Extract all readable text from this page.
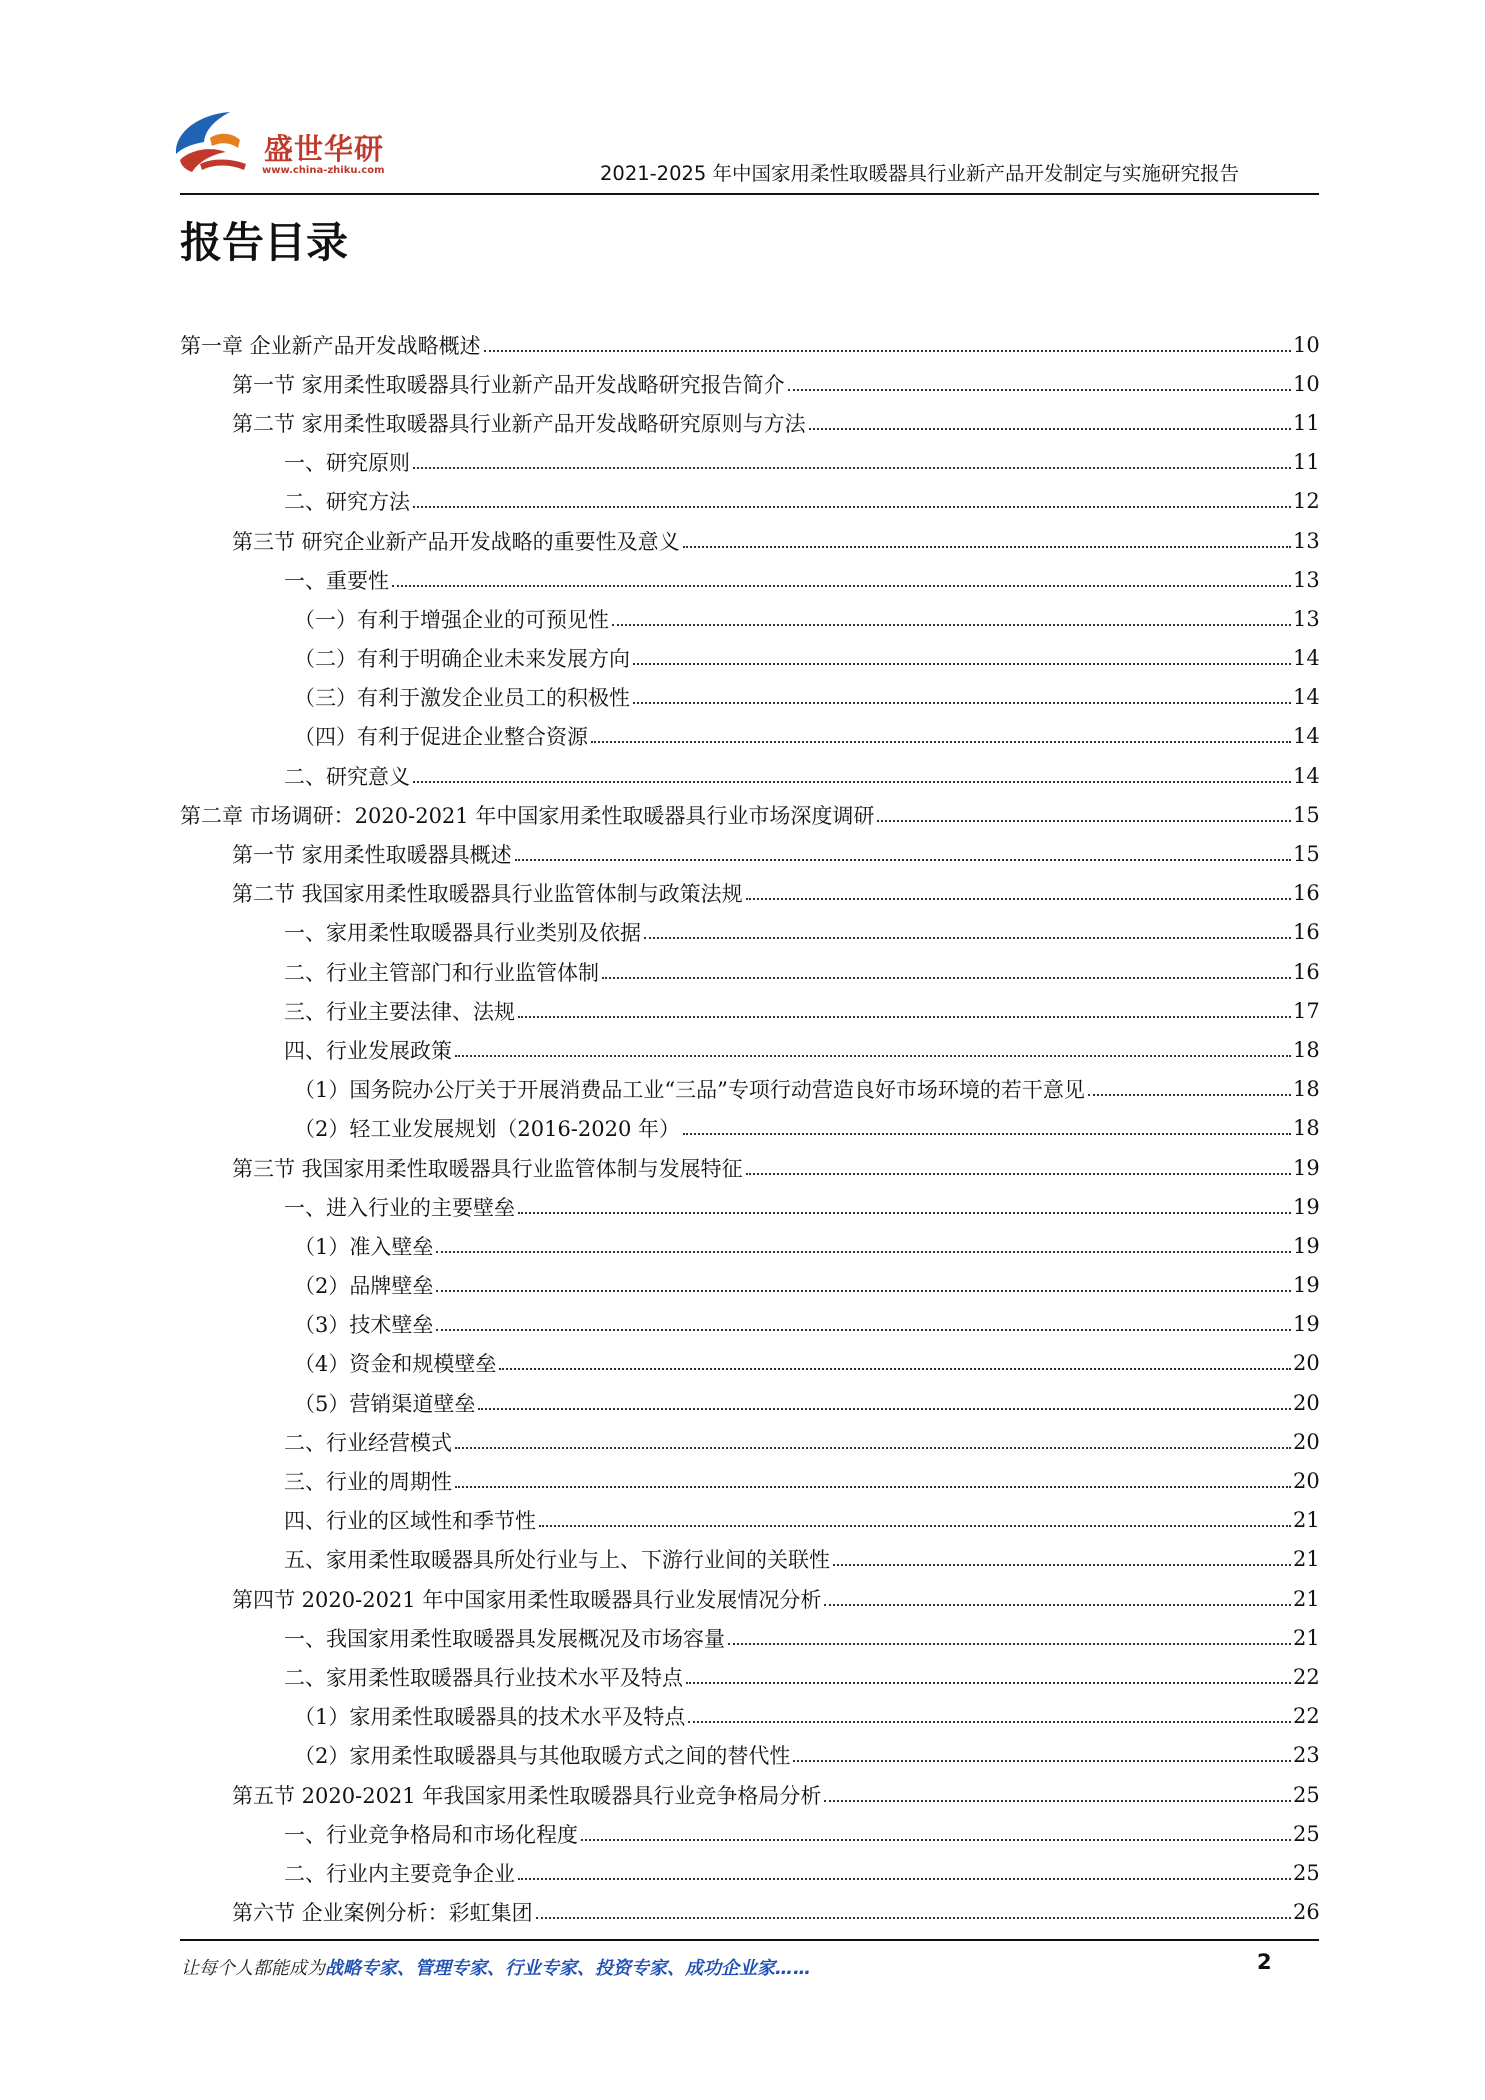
盛世华研
www.china-zhiku.com	2021-2025 年中国家用柔性取暖器具行业新产品开发制定与实施研究报告
报告目录
第一章 企业新产品开发战略概述	10
第一节 家用柔性取暖器具行业新产品开发战略研究报告简介	10
第二节 家用柔性取暖器具行业新产品开发战略研究原则与方法	11
一、研究原则	11
二、研究方法	12
第三节 研究企业新产品开发战略的重要性及意义	13
一、重要性	13
（一）有利于增强企业的可预见性	13
（二）有利于明确企业未来发展方向	14
（三）有利于激发企业员工的积极性	14
（四）有利于促进企业整合资源	14
二、研究意义	14
第二章 市场调研：2020-2021 年中国家用柔性取暖器具行业市场深度调研	15
第一节 家用柔性取暖器具概述	15
第二节 我国家用柔性取暖器具行业监管体制与政策法规	16
一、家用柔性取暖器具行业类别及依据	16
二、行业主管部门和行业监管体制	16
三、行业主要法律、法规	17
四、行业发展政策	18
（1）国务院办公厅关于开展消费品工业“三品”专项行动营造良好市场环境的若干意见	18
（2）轻工业发展规划（2016-2020 年）	18
第三节 我国家用柔性取暖器具行业监管体制与发展特征	19
一、进入行业的主要壁垒	19
（1）准入壁垒	19
（2）品牌壁垒	19
（3）技术壁垒	19
（4）资金和规模壁垒	20
（5）营销渠道壁垒	20
二、行业经营模式	20
三、行业的周期性	20
四、行业的区域性和季节性	21
五、家用柔性取暖器具所处行业与上、下游行业间的关联性	21
第四节 2020-2021 年中国家用柔性取暖器具行业发展情况分析	21
一、我国家用柔性取暖器具发展概况及市场容量	21
二、家用柔性取暖器具行业技术水平及特点	22
（1）家用柔性取暖器具的技术水平及特点	22
（2）家用柔性取暖器具与其他取暖方式之间的替代性	23
第五节 2020-2021 年我国家用柔性取暖器具行业竞争格局分析	25
一、行业竞争格局和市场化程度	25
二、行业内主要竞争企业	25
第六节 企业案例分析：彩虹集团	26
让每个人都能成为战略专家、管理专家、行业专家、投资专家、成功企业家……	2
